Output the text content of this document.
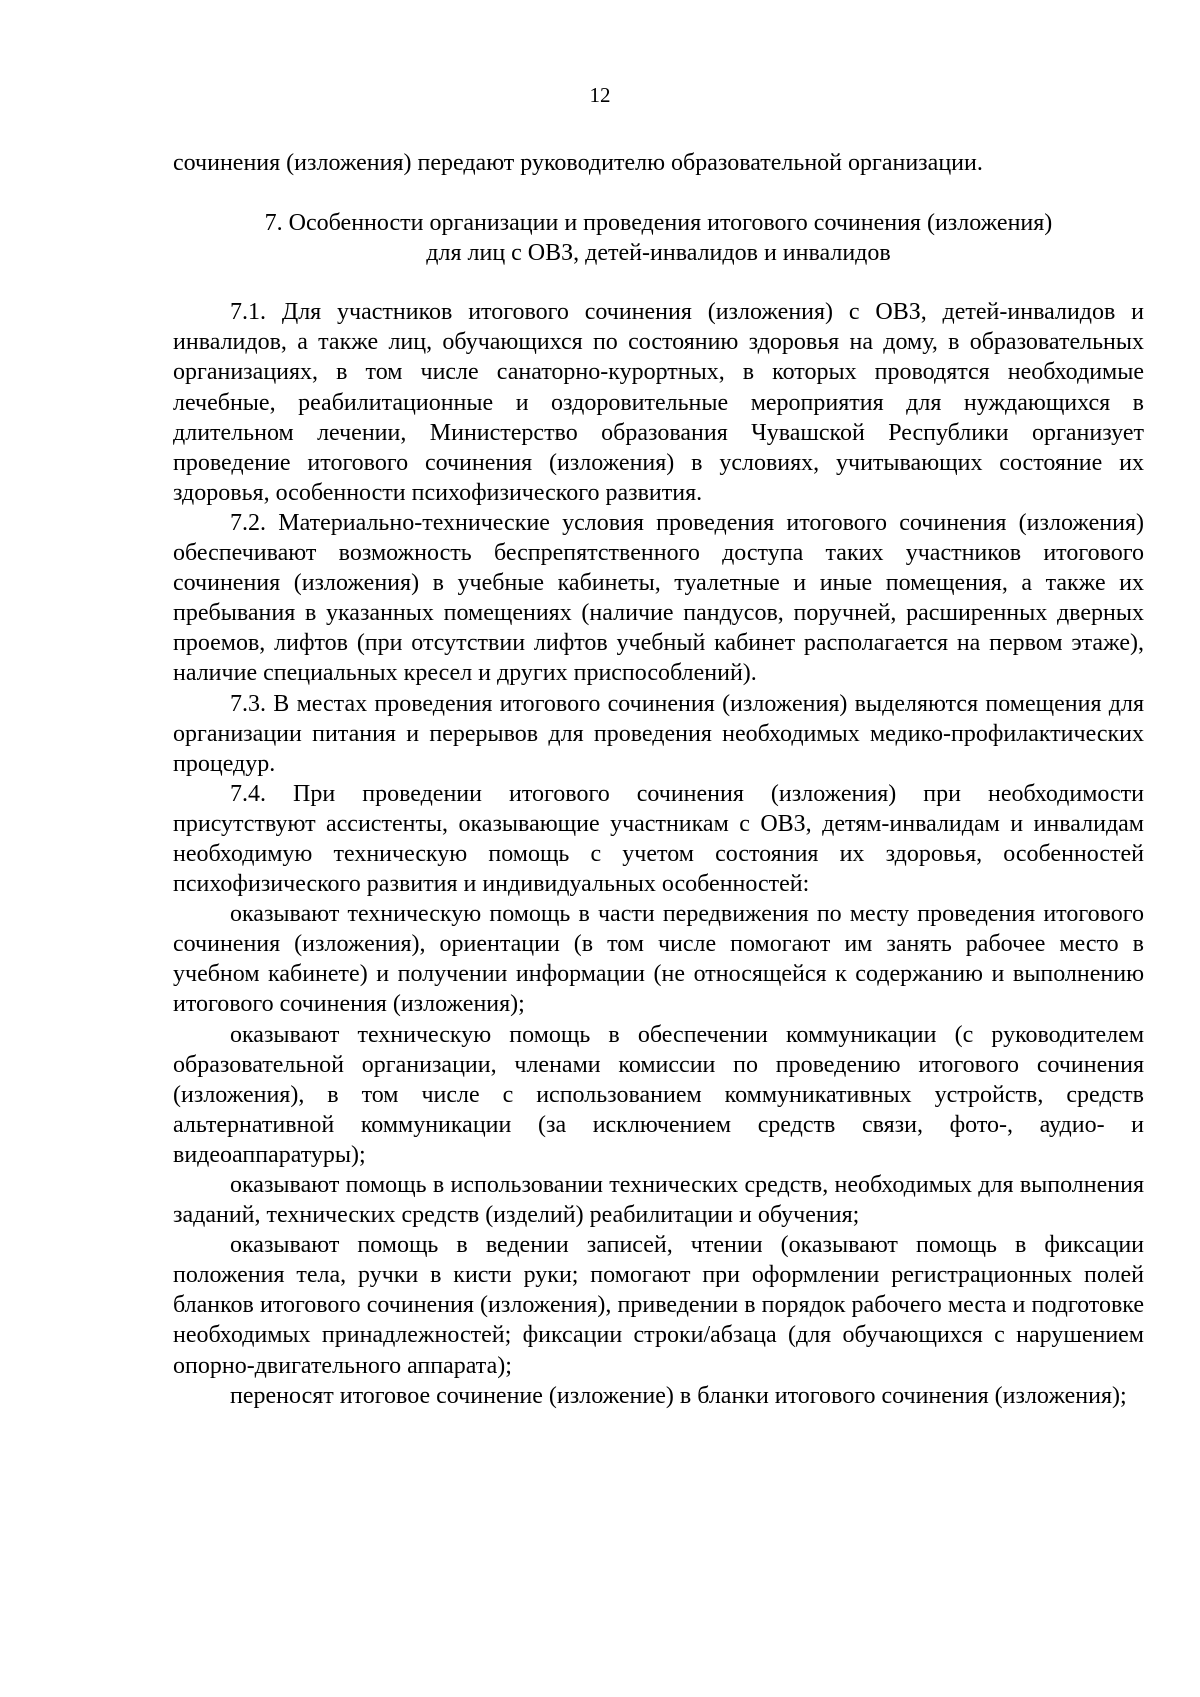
12

сочинения (изложения) передают руководителю образовательной организации.

7. Особенности организации и проведения итогового сочинения (изложения)
для лиц с ОВЗ, детей-инвалидов и инвалидов

7.1. Для участников итогового сочинения (изложения) с ОВЗ, детей-инвалидов и инвалидов, а также лиц, обучающихся по состоянию здоровья на дому, в образовательных организациях, в том числе санаторно-курортных, в которых проводятся необходимые лечебные, реабилитационные и оздоровительные мероприятия для нуждающихся в длительном лечении, Министерство образования Чувашской Республики организует проведение итогового сочинения (изложения) в условиях, учитывающих состояние их здоровья, особенности психофизического развития.

7.2. Материально-технические условия проведения итогового сочинения (изложения) обеспечивают возможность беспрепятственного доступа таких участников итогового сочинения (изложения) в учебные кабинеты, туалетные и иные помещения, а также их пребывания в указанных помещениях (наличие пандусов, поручней, расширенных дверных проемов, лифтов (при отсутствии лифтов учебный кабинет располагается на первом этаже), наличие специальных кресел и других приспособлений).

7.3. В местах проведения итогового сочинения (изложения) выделяются помещения для организации питания и перерывов для проведения необходимых медико-профилактических процедур.

7.4. При проведении итогового сочинения (изложения) при необходимости присутствуют ассистенты, оказывающие участникам с ОВЗ, детям-инвалидам и инвалидам необходимую техническую помощь с учетом состояния их здоровья, особенностей психофизического развития и индивидуальных особенностей:

оказывают техническую помощь в части передвижения по месту проведения итогового сочинения (изложения), ориентации (в том числе помогают им занять рабочее место в учебном кабинете) и получении информации (не относящейся к содержанию и выполнению итогового сочинения (изложения);

оказывают техническую помощь в обеспечении коммуникации (с руководителем образовательной организации, членами комиссии по проведению итогового сочинения (изложения), в том числе с использованием коммуникативных устройств, средств альтернативной коммуникации (за исключением средств связи, фото-, аудио- и видеоаппаратуры);

оказывают помощь в использовании технических средств, необходимых для выполнения заданий, технических средств (изделий) реабилитации и обучения;

оказывают помощь в ведении записей, чтении (оказывают помощь в фиксации положения тела, ручки в кисти руки; помогают при оформлении регистрационных полей бланков итогового сочинения (изложения), приведении в порядок рабочего места и подготовке необходимых принадлежностей; фиксации строки/абзаца (для обучающихся с нарушением опорно-двигательного аппарата);

переносят итоговое сочинение (изложение) в бланки итогового сочинения (изложения);
